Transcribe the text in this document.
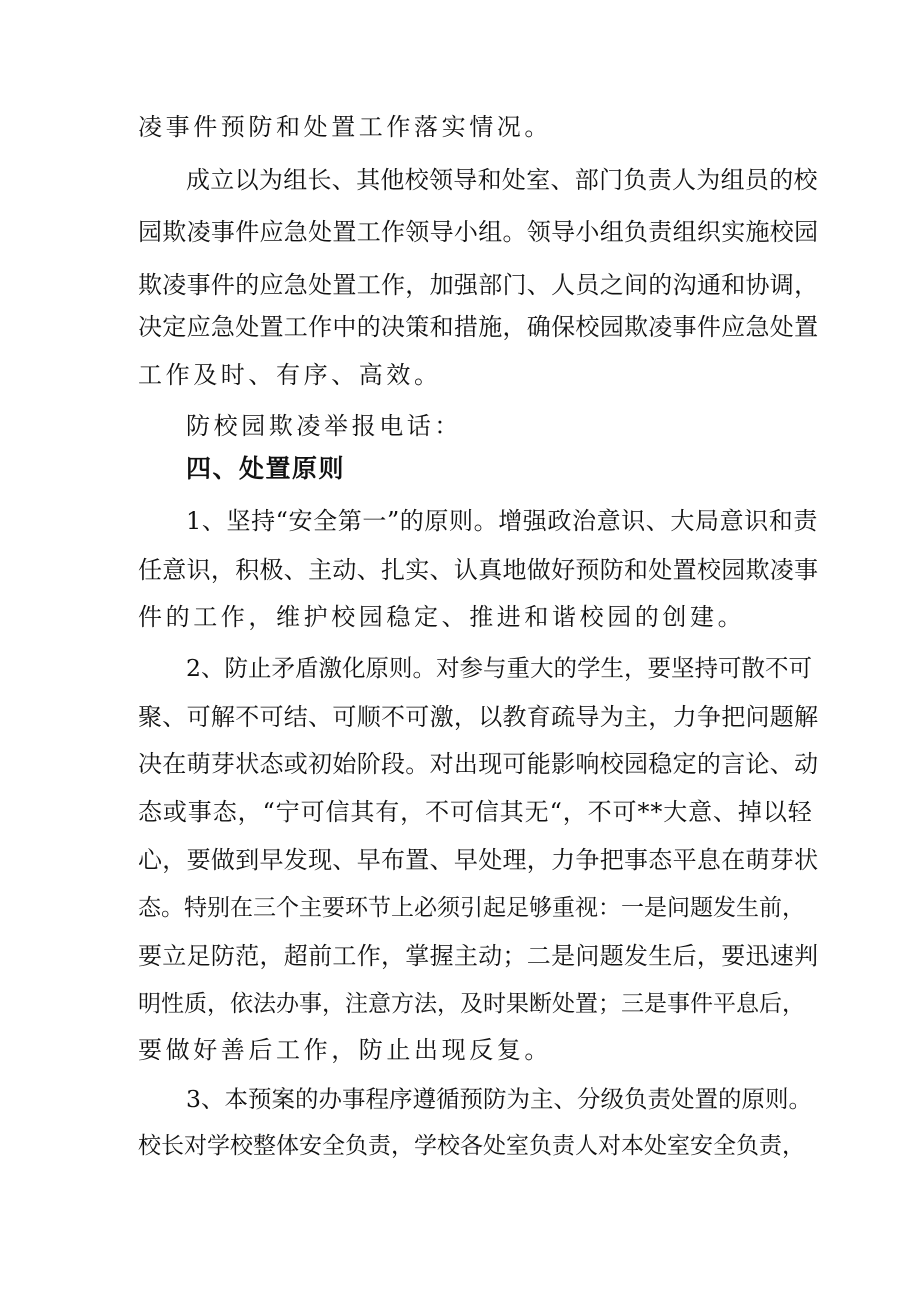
凌事件预防和处置工作落实情况。
成立以为组长、其他校领导和处室、部门负责人为组员的校
园欺凌事件应急处置工作领导小组。领导小组负责组织实施校园
欺凌事件的应急处置工作，加强部门、人员之间的沟通和协调，
决定应急处置工作中的决策和措施，确保校园欺凌事件应急处置
工作及时、有序、高效。
防校园欺凌举报电话：
四、处置原则
1、坚持“安全第一”的原则。增强政治意识、大局意识和责
任意识，积极、主动、扎实、认真地做好预防和处置校园欺凌事
件的工作，维护校园稳定、推进和谐校园的创建。
2、防止矛盾激化原则。对参与重大的学生，要坚持可散不可
聚、可解不可结、可顺不可激，以教育疏导为主，力争把问题解
决在萌芽状态或初始阶段。对出现可能影响校园稳定的言论、动
态或事态，“宁可信其有，不可信其无“，不可**大意、掉以轻
心，要做到早发现、早布置、早处理，力争把事态平息在萌芽状
态。特别在三个主要环节上必须引起足够重视：一是问题发生前，
要立足防范，超前工作，掌握主动；二是问题发生后，要迅速判
明性质，依法办事，注意方法，及时果断处置；三是事件平息后，
要做好善后工作，防止出现反复。
3、本预案的办事程序遵循预防为主、分级负责处置的原则。
校长对学校整体安全负责，学校各处室负责人对本处室安全负责，
